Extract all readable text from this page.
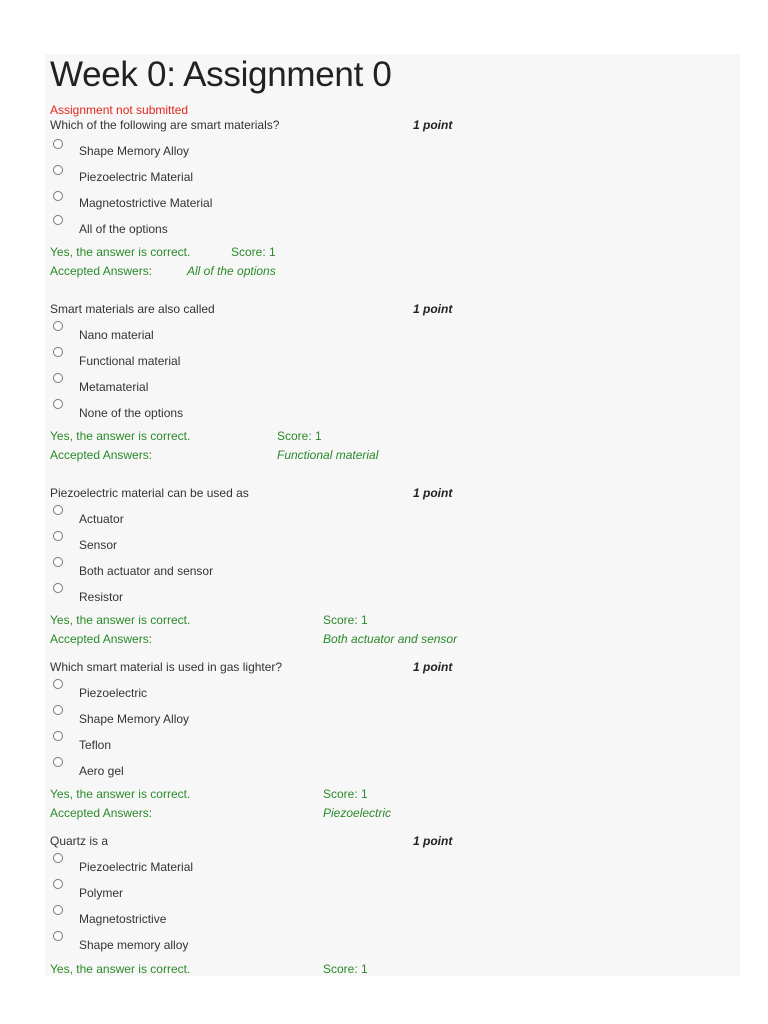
Week 0: Assignment 0
Assignment not submitted
Which of the following are smart materials?	1 point
Shape Memory Alloy
Piezoelectric Material
Magnetostrictive Material
All of the options
Yes, the answer is correct.	Score: 1
Accepted Answers:	All of the options
Smart materials are also called	1 point
Nano material
Functional material
Metamaterial
None of the options
Yes, the answer is correct.	Score: 1
Accepted Answers:	Functional material
Piezoelectric material can be used as	1 point
Actuator
Sensor
Both actuator and sensor
Resistor
Yes, the answer is correct.	Score: 1
Accepted Answers:	Both actuator and sensor
Which smart material is used in gas lighter?	1 point
Piezoelectric
Shape Memory Alloy
Teflon
Aero gel
Yes, the answer is correct.	Score: 1
Accepted Answers:	Piezoelectric
Quartz is a	1 point
Piezoelectric Material
Polymer
Magnetostrictive
Shape memory alloy
Yes, the answer is correct.	Score: 1
